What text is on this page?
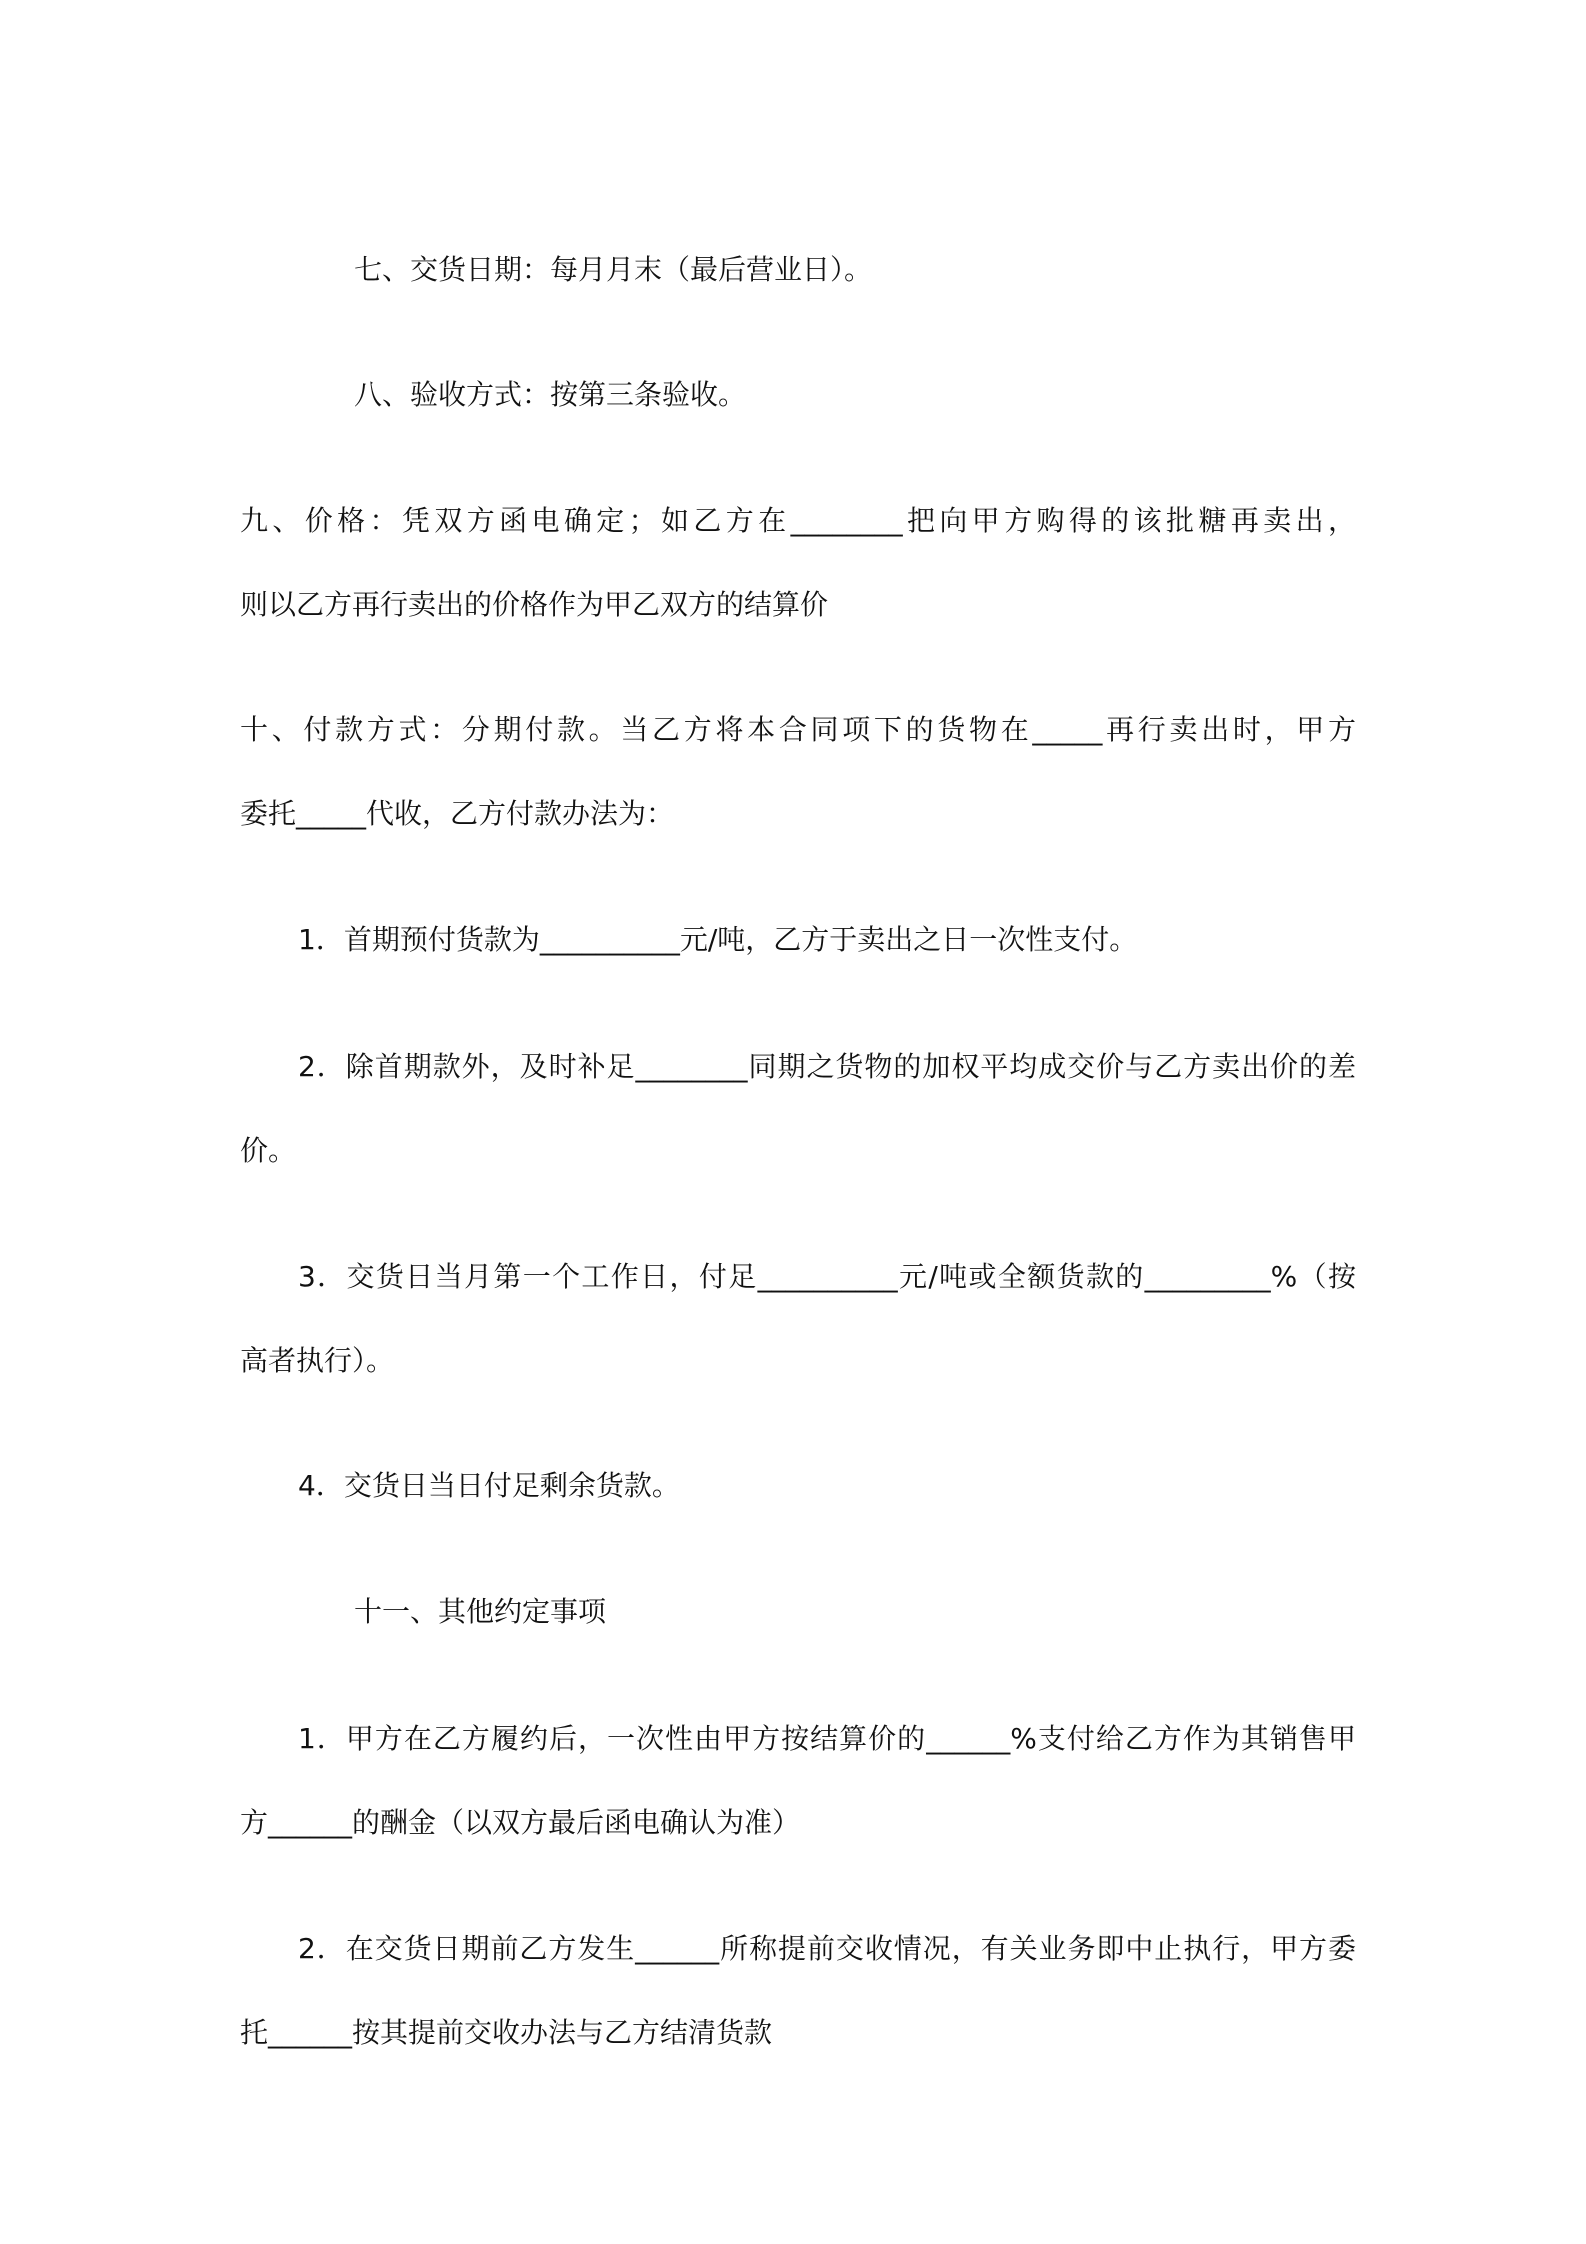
七、交货日期：每月月末（最后营业日）。
八、验收方式：按第三条验收。
九、价格：凭双方函电确定；如乙方在________把向甲方购得的该批糖再卖出，
则以乙方再行卖出的价格作为甲乙双方的结算价
十、付款方式：分期付款。当乙方将本合同项下的货物在_____再行卖出时，甲方
委托_____代收，乙方付款办法为：
1．首期预付货款为__________元/吨，乙方于卖出之日一次性支付。
2．除首期款外，及时补足________同期之货物的加权平均成交价与乙方卖出价的差
价。
3．交货日当月第一个工作日，付足__________元/吨或全额货款的_________%（按
高者执行）。
4．交货日当日付足剩余货款。
十一、其他约定事项
1．甲方在乙方履约后，一次性由甲方按结算价的______%支付给乙方作为其销售甲
方______的酬金（以双方最后函电确认为准）
2．在交货日期前乙方发生______所称提前交收情况，有关业务即中止执行，甲方委
托______按其提前交收办法与乙方结清货款
